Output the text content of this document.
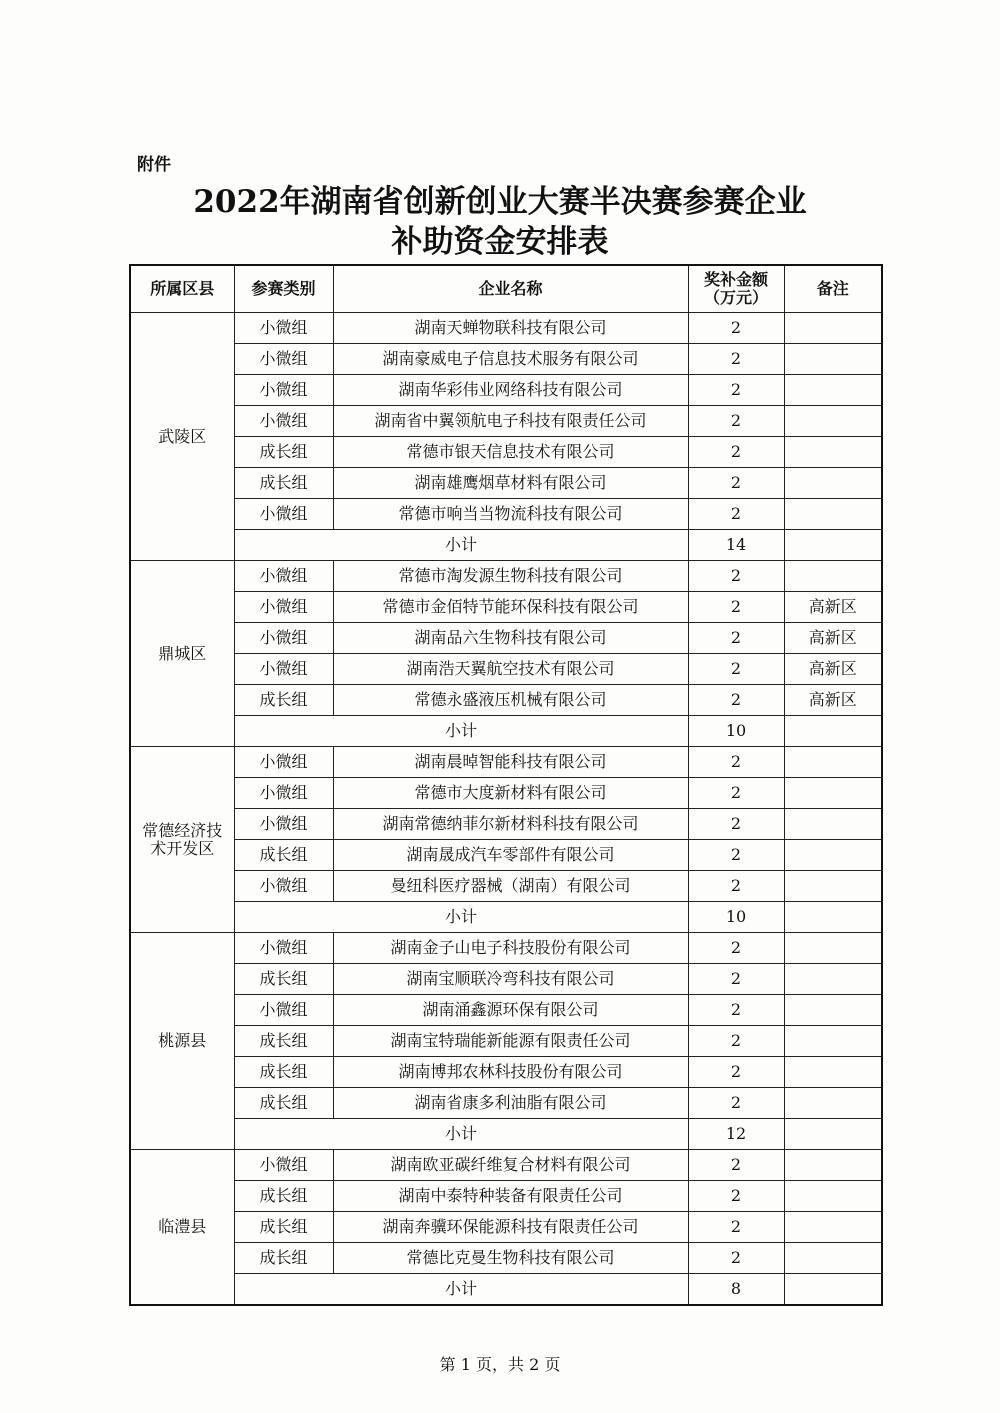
附件
2022年湖南省创新创业大赛半决赛参赛企业
补助资金安排表
所属区县	参赛类别	企业名称	奖补金额（万元）	备注
武陵区	小微组	湖南天蝉物联科技有限公司	2	
	小微组	湖南豪威电子信息技术服务有限公司	2	
	小微组	湖南华彩伟业网络科技有限公司	2	
	小微组	湖南省中翼领航电子科技有限责任公司	2	
	成长组	常德市银天信息技术有限公司	2	
	成长组	湖南雄鹰烟草材料有限公司	2	
	小微组	常德市响当当物流科技有限公司	2	
	小计		14	
鼎城区	小微组	常德市淘发源生物科技有限公司	2	
	小微组	常德市金佰特节能环保科技有限公司	2	高新区
	小微组	湖南品六生物科技有限公司	2	高新区
	小微组	湖南浩天翼航空技术有限公司	2	高新区
	成长组	常德永盛液压机械有限公司	2	高新区
	小计		10	
常德经济技术开发区	小微组	湖南晨晫智能科技有限公司	2	
	小微组	常德市大度新材料有限公司	2	
	小微组	湖南常德纳菲尔新材料科技有限公司	2	
	成长组	湖南晟成汽车零部件有限公司	2	
	小微组	曼纽科医疗器械（湖南）有限公司	2	
	小计		10	
桃源县	小微组	湖南金子山电子科技股份有限公司	2	
	成长组	湖南宝顺联冷弯科技有限公司	2	
	小微组	湖南涌鑫源环保有限公司	2	
	成长组	湖南宝特瑞能新能源有限责任公司	2	
	成长组	湖南博邦农林科技股份有限公司	2	
	成长组	湖南省康多利油脂有限公司	2	
	小计		12	
临澧县	小微组	湖南欧亚碳纤维复合材料有限公司	2	
	成长组	湖南中泰特种装备有限责任公司	2	
	成长组	湖南奔骥环保能源科技有限责任公司	2	
	成长组	常德比克曼生物科技有限公司	2	
	小计		8	
第 1 页，共 2 页
